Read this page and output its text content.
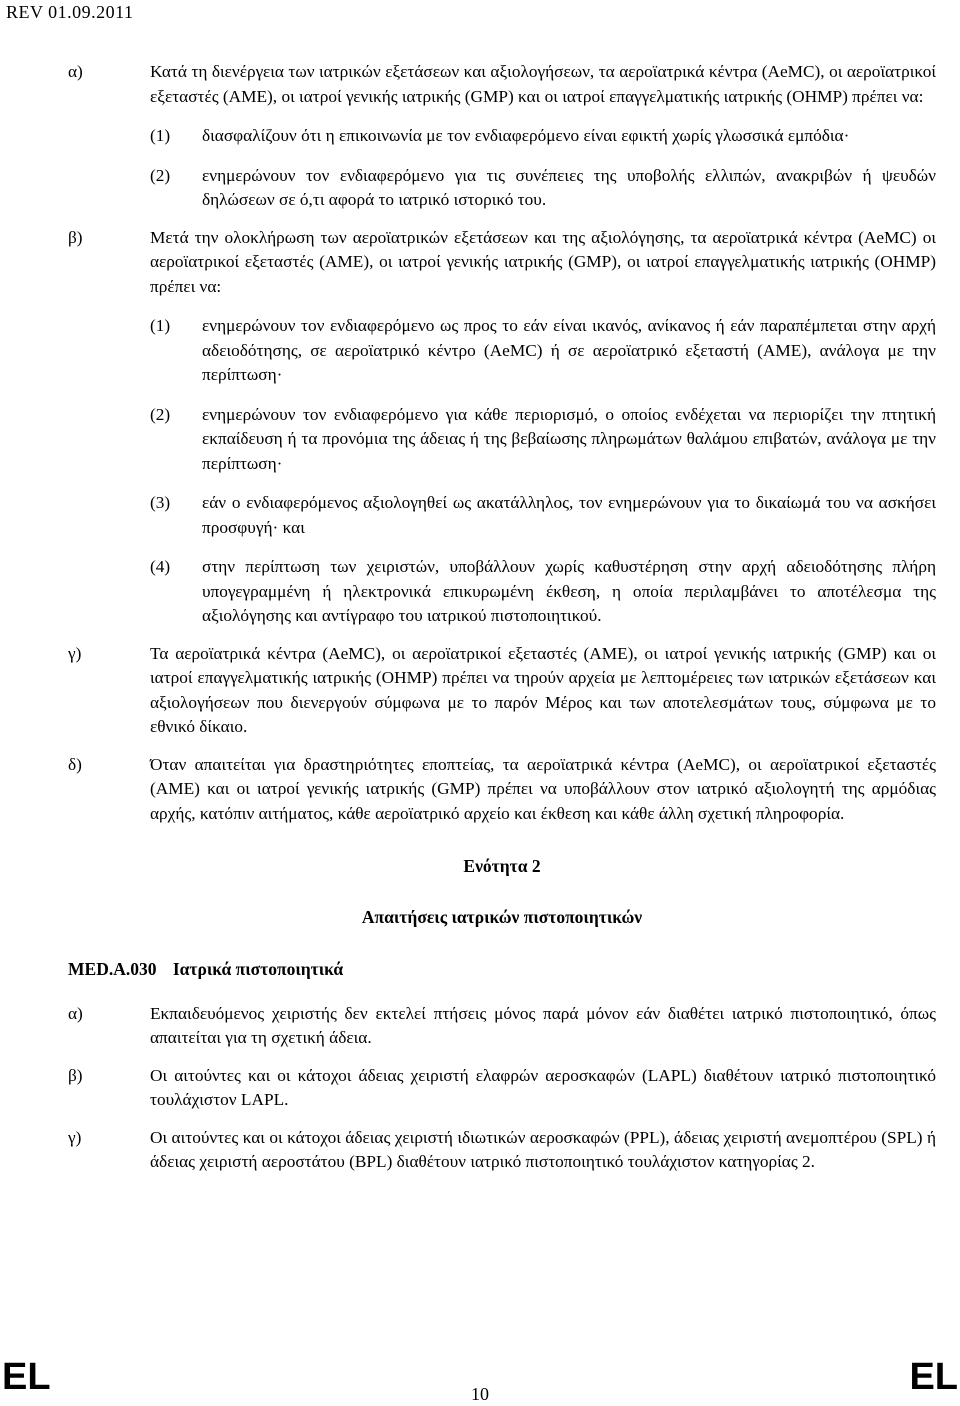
REV 01.09.2011
α)	Κατά τη διενέργεια των ιατρικών εξετάσεων και αξιολογήσεων, τα αεροϊατρικά κέντρα (AeMC), οι αεροϊατρικοί εξεταστές (AME), οι ιατροί γενικής ιατρικής (GMP) και οι ιατροί επαγγελματικής ιατρικής (OHMP) πρέπει να:
(1)	διασφαλίζουν ότι η επικοινωνία με τον ενδιαφερόμενο είναι εφικτή χωρίς γλωσσικά εμπόδια·
(2)	ενημερώνουν τον ενδιαφερόμενο για τις συνέπειες της υποβολής ελλιπών, ανακριβών ή ψευδών δηλώσεων σε ό,τι αφορά το ιατρικό ιστορικό του.
β)	Μετά την ολοκλήρωση των αεροϊατρικών εξετάσεων και της αξιολόγησης, τα αεροϊατρικά κέντρα (AeMC) οι αεροϊατρικοί εξεταστές (AME), οι ιατροί γενικής ιατρικής (GMP), οι ιατροί επαγγελματικής ιατρικής (OHMP) πρέπει να:
(1)	ενημερώνουν τον ενδιαφερόμενο ως προς το εάν είναι ικανός, ανίκανος ή εάν παραπέμπεται στην αρχή αδειοδότησης, σε αεροϊατρικό κέντρο (AeMC) ή σε αεροϊατρικό εξεταστή (AME), ανάλογα με την περίπτωση·
(2)	ενημερώνουν τον ενδιαφερόμενο για κάθε περιορισμό, ο οποίος ενδέχεται να περιορίζει την πτητική εκπαίδευση ή τα προνόμια της άδειας ή της βεβαίωσης πληρωμάτων θαλάμου επιβατών, ανάλογα με την περίπτωση·
(3)	εάν ο ενδιαφερόμενος αξιολογηθεί ως ακατάλληλος, τον ενημερώνουν για το δικαίωμά του να ασκήσει προσφυγή· και
(4)	στην περίπτωση των χειριστών, υποβάλλουν χωρίς καθυστέρηση στην αρχή αδειοδότησης πλήρη υπογεγραμμένη ή ηλεκτρονικά επικυρωμένη έκθεση, η οποία περιλαμβάνει το αποτέλεσμα της αξιολόγησης και αντίγραφο του ιατρικού πιστοποιητικού.
γ)	Τα αεροϊατρικά κέντρα (AeMC), οι αεροϊατρικοί εξεταστές (AME), οι ιατροί γενικής ιατρικής (GMP) και οι ιατροί επαγγελματικής ιατρικής (OHMP) πρέπει να τηρούν αρχεία με λεπτομέρειες των ιατρικών εξετάσεων και αξιολογήσεων που διενεργούν σύμφωνα με το παρόν Μέρος και των αποτελεσμάτων τους, σύμφωνα με το εθνικό δίκαιο.
δ)	Όταν απαιτείται για δραστηριότητες εποπτείας, τα αεροϊατρικά κέντρα (AeMC), οι αεροϊατρικοί εξεταστές (AME) και οι ιατροί γενικής ιατρικής (GMP) πρέπει να υποβάλλουν στον ιατρικό αξιολογητή της αρμόδιας αρχής, κατόπιν αιτήματος, κάθε αεροϊατρικό αρχείο και έκθεση και κάθε άλλη σχετική πληροφορία.
Ενότητα 2
Απαιτήσεις ιατρικών πιστοποιητικών
MED.A.030 Ιατρικά πιστοποιητικά
α)	Εκπαιδευόμενος χειριστής δεν εκτελεί πτήσεις μόνος παρά μόνον εάν διαθέτει ιατρικό πιστοποιητικό, όπως απαιτείται για τη σχετική άδεια.
β)	Οι αιτούντες και οι κάτοχοι άδειας χειριστή ελαφρών αεροσκαφών (LAPL) διαθέτουν ιατρικό πιστοποιητικό τουλάχιστον LAPL.
γ)	Οι αιτούντες και οι κάτοχοι άδειας χειριστή ιδιωτικών αεροσκαφών (PPL), άδειας χειριστή ανεμοπτέρου (SPL) ή άδειας χειριστή αεροστάτου (BPL) διαθέτουν ιατρικό πιστοποιητικό τουλάχιστον κατηγορίας 2.
EL	10	EL
